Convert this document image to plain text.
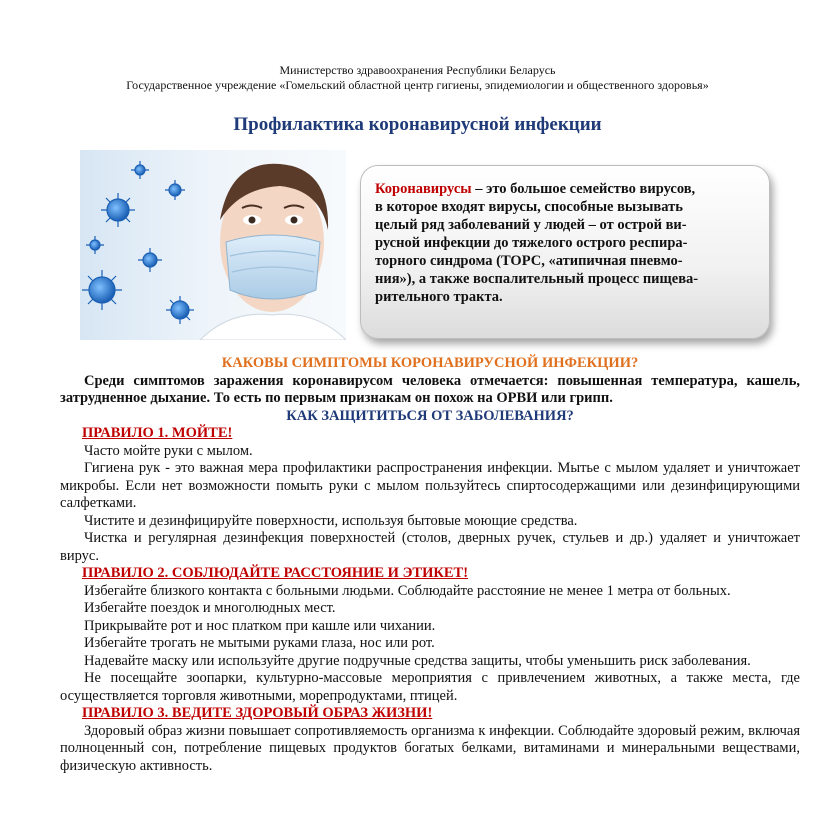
Министерство здравоохранения Республики Беларусь
Государственное учреждение «Гомельский областной центр гигиены, эпидемиологии и общественного здоровья»
Профилактика коронавирусной инфекции
Коронавирусы – это большое семейство вирусов,
в которое входят вирусы, способные вызывать
целый ряд заболеваний у людей – от острой ви-
русной инфекции до тяжелого острого респира-
торного синдрома (ТОРС, «атипичная пневмо-
ния»), а также воспалительный процесс пищева-
рительного тракта.

КАКОВЫ СИМПТОМЫ КОРОНАВИРУСНОЙ ИНФЕКЦИИ?

Среди симптомов заражения коронавирусом человека отмечается: повышенная температура, кашель, затрудненное дыхание. То есть по первым признакам он похож на ОРВИ или грипп.

КАК ЗАЩИТИТЬСЯ ОТ ЗАБОЛЕВАНИЯ?

ПРАВИЛО 1. МОЙТЕ!

Часто мойте руки с мылом.

Гигиена рук - это важная мера профилактики распространения инфекции. Мытье с мылом удаляет и уничтожает микробы. Если нет возможности помыть руки с мылом пользуйтесь спиртосодержащими или дезинфицирующими салфетками.

Чистите и дезинфицируйте поверхности, используя бытовые моющие средства.

Чистка и регулярная дезинфекция поверхностей (столов, дверных ручек, стульев и др.) удаляет и уничтожает вирус.

ПРАВИЛО 2. СОБЛЮДАЙТЕ РАССТОЯНИЕ И ЭТИКЕТ!

Избегайте близкого контакта с больными людьми. Соблюдайте расстояние не менее 1 метра от больных.

Избегайте поездок и многолюдных мест.

Прикрывайте рот и нос платком при кашле или чихании.

Избегайте трогать не мытыми руками глаза, нос или рот.

Надевайте маску или используйте другие подручные средства защиты, чтобы уменьшить риск заболевания.

Не посещайте зоопарки, культурно-массовые мероприятия с привлечением животных, а также места, где осуществляется торговля животными, морепродуктами, птицей.

ПРАВИЛО 3. ВЕДИТЕ ЗДОРОВЫЙ ОБРАЗ ЖИЗНИ!

Здоровый образ жизни повышает сопротивляемость организма к инфекции. Соблюдайте здоровый режим, включая полноценный сон, потребление пищевых продуктов богатых белками, витаминами и минеральными веществами, физическую активность.
